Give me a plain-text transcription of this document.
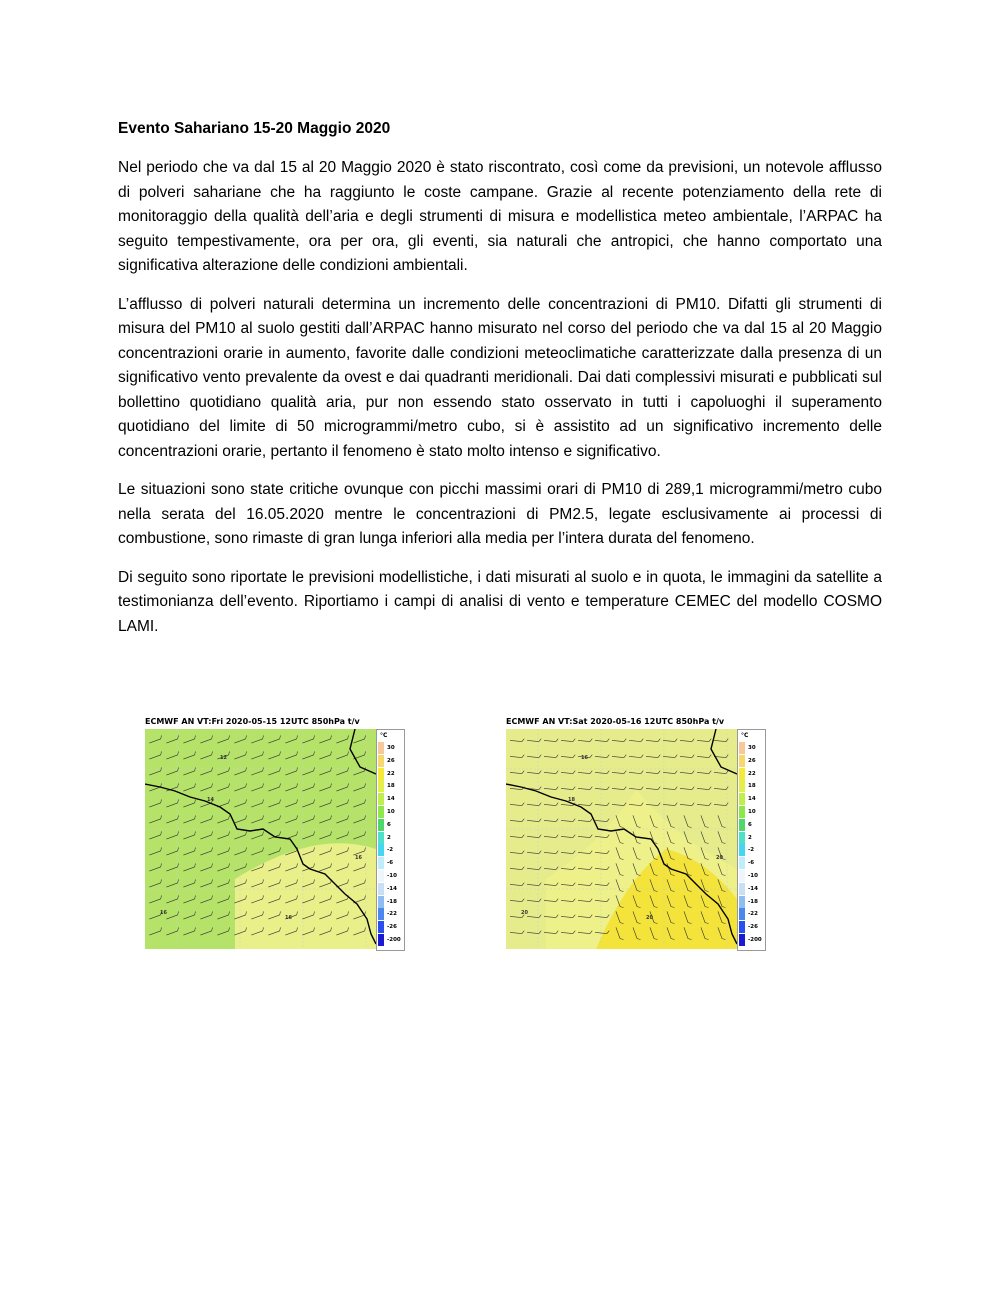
Evento Sahariano 15-20 Maggio 2020

Nel periodo che va dal 15 al 20 Maggio 2020 è stato riscontrato, così come da previsioni, un notevole afflusso di polveri sahariane che ha raggiunto le coste campane. Grazie al recente potenziamento della rete di monitoraggio della qualità dell’aria e degli strumenti di misura e modellistica meteo ambientale, l’ARPAC ha seguito tempestivamente, ora per ora, gli eventi, sia naturali che antropici, che hanno comportato una significativa alterazione delle condizioni ambientali.

L’afflusso di polveri naturali determina un incremento delle concentrazioni di PM10. Difatti gli strumenti di misura del PM10 al suolo gestiti dall’ARPAC hanno misurato nel corso del periodo che va dal 15 al 20 Maggio concentrazioni orarie in aumento, favorite dalle condizioni meteoclimatiche caratterizzate dalla presenza di un significativo vento prevalente da ovest e dai quadranti meridionali. Dai dati complessivi misurati e pubblicati sul bollettino quotidiano qualità aria, pur non essendo stato osservato in tutti i capoluoghi il superamento quotidiano del limite di 50 microgrammi/metro cubo, si è assistito ad un significativo incremento delle concentrazioni orarie, pertanto il fenomeno è stato molto intenso e significativo.

Le situazioni sono state critiche ovunque con picchi massimi orari di PM10 di 289,1 microgrammi/metro cubo nella serata del 16.05.2020 mentre le concentrazioni di PM2.5, legate esclusivamente ai processi di combustione, sono rimaste di gran lunga inferiori alla media per l’intera durata del fenomeno.

Di seguito sono riportate le previsioni modellistiche, i dati misurati al suolo e in quota, le immagini da satellite a testimonianza dell’evento. Riportiamo i campi di analisi di vento e temperature CEMEC del modello COSMO LAMI.

ECMWF AN VT:Fri 2020-05-15 12UTC 850hPa t/v
12
14
16
16
16
°C
30
26
22
18
14
10
6
2
-2
-6
-10
-14
-18
-22
-26
-200
ECMWF AN VT:Sat 2020-05-16 12UTC 850hPa t/v
16
18
20
20
20
°C
30
26
22
18
14
10
6
2
-2
-6
-10
-14
-18
-22
-26
-200
